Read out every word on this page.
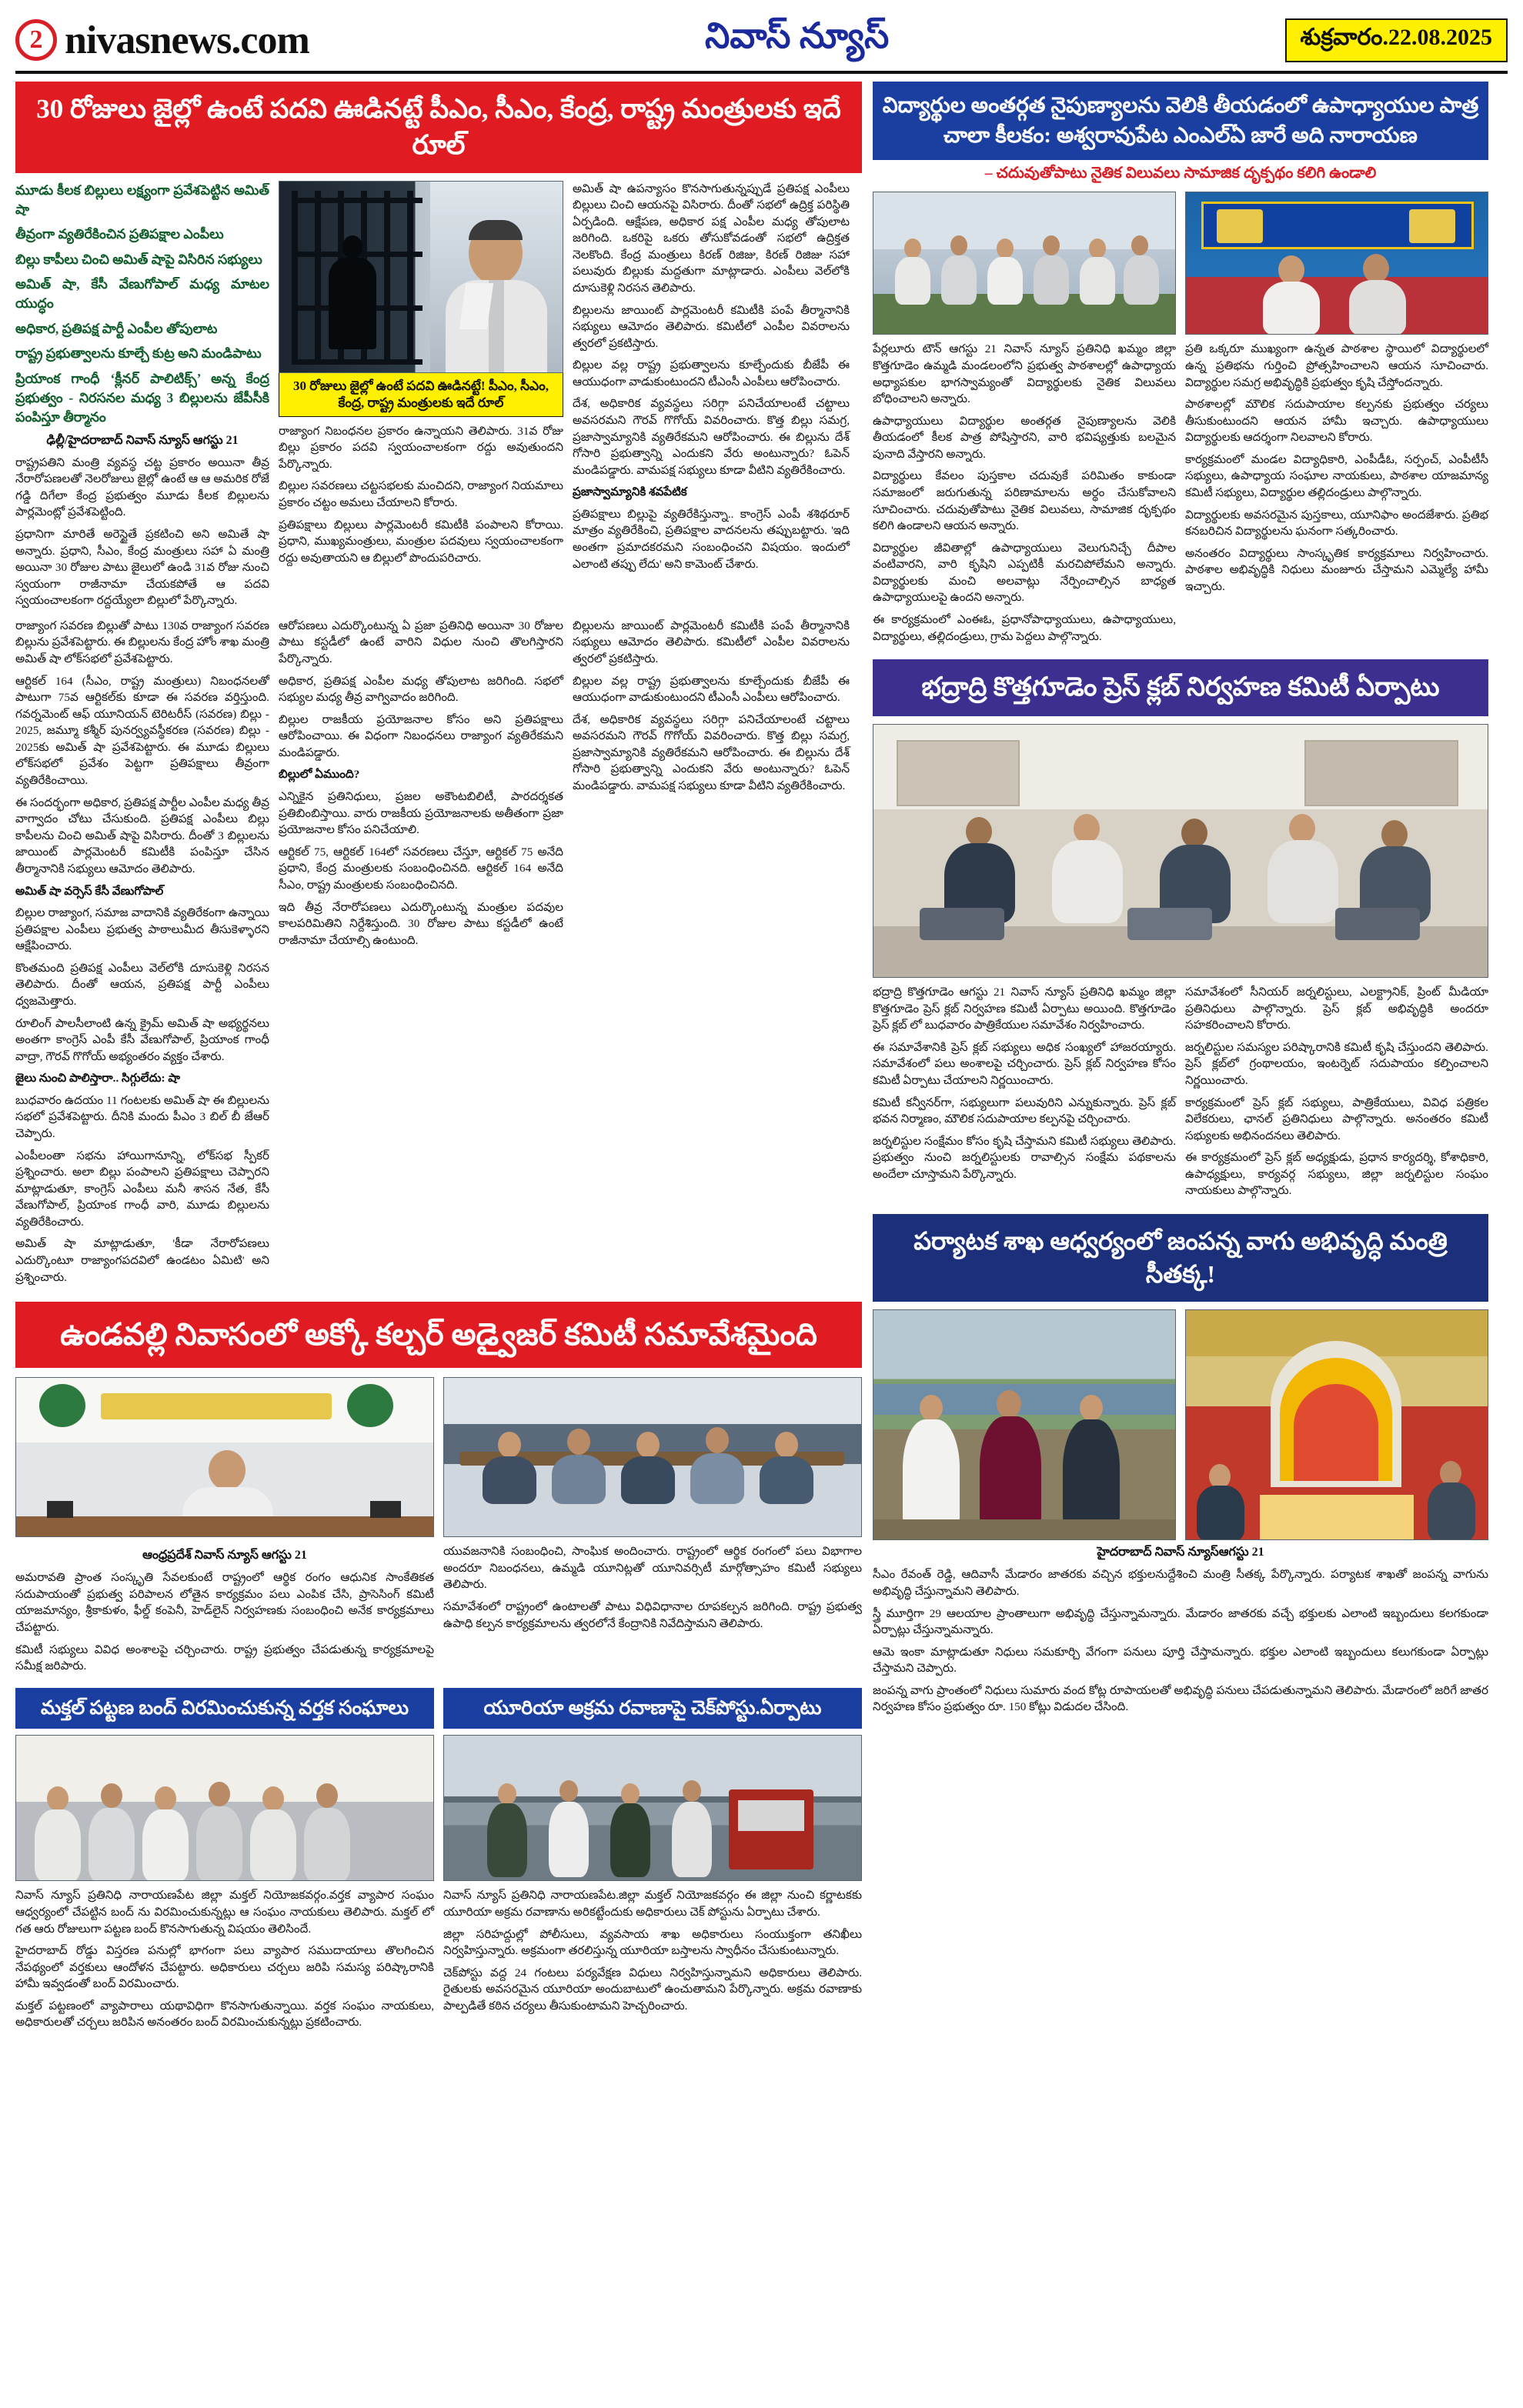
2 nivasnews.com	నివాస్ న్యూస్	శుక్రవారం.22.08.2025
30 రోజులు జైల్లో ఉంటే పదవి ఊడినట్టే పీఎం, సీఎం, కేంద్ర, రాష్ట్ర మంత్రులకు ఇదే రూల్

మూడు కీలక బిల్లులు లక్ష్యంగా ప్రవేశపెట్టిన అమిత్ షా

తీవ్రంగా వ్యతిరేకించిన ప్రతిపక్షాల ఎంపీలు

బిల్లు కాపీలు చించి అమిత్ షాపై విసిరిన సభ్యులు

అమిత్ షా, కేసీ వేణుగోపాల్ మధ్య మాటల యుద్ధం

అధికార, ప్రతిపక్ష పార్టీ ఎంపీల తోపులాట

రాష్ట్ర ప్రభుత్వాలను కూల్చే కుట్ర అని మండిపాటు

ప్రియాంక గాంధీ ‘క్లీనర్ పాలిటిక్స్’ అన్న కేంద్ర ప్రభుత్వం - నిరసనల మధ్య 3 బిల్లులను జేపీసీకి పంపిస్తూ తీర్మానం

ఢిల్లీ/హైదరాబాద్ నివాస్ న్యూస్ ఆగస్టు 21

రాష్ట్రపతిని మంత్రి వ్యవస్థ చట్ట ప్రకారం అయినా తీవ్ర నేరారోపణలతో నెలరోజులు జైల్లో ఉంటే ఆ ఆ అమరిక రోజే గడ్డి దిగేలా కేంద్ర ప్రభుత్వం మూడు కీలక బిల్లులను పార్లమెంట్లో ప్రవేశపెట్టింది.

ప్రధానిగా మారితే అరెస్టైతే ప్రకటించి అని అమితే షా అన్నారు. ప్రధాని, సీఎం, కేంద్ర మంత్రులు సహా ఏ మంత్రి అయినా 30 రోజుల పాటు జైలులో ఉండి 31వ రోజు నుంచి స్వయంగా రాజీనామా చేయకపోతే ఆ పదవి స్వయంచాలకంగా రద్దయ్యేలా బిల్లులో పేర్కొన్నారు.

30 రోజులు జైల్లో ఉంటే పదవి ఊడినట్టే! పీఎం, సీఎం, కేంద్ర, రాష్ట్ర మంత్రులకు ఇదే రూల్

రాజ్యాంగ నిబంధనల ప్రకారం ఉన్నాయని తెలిపారు. 31వ రోజు బిల్లు ప్రకారం పదవి స్వయంచాలకంగా రద్దు అవుతుందని పేర్కొన్నారు.

బిల్లుల సవరణలు చట్టసభలకు మంచిదని, రాజ్యాంగ నియమాలు ప్రకారం చట్టం అమలు చేయాలని కోరారు.

ప్రతిపక్షాలు బిల్లులు పార్లమెంటరీ కమిటీకి పంపాలని కోరాయి. ప్రధాని, ముఖ్యమంత్రులు, మంత్రుల పదవులు స్వయంచాలకంగా రద్దు అవుతాయని ఆ బిల్లులో పొందుపరిచారు.

అమిత్ షా ఉపన్యాసం కొనసాగుతున్నప్పుడే ప్రతిపక్ష ఎంపీలు బిల్లులు చించి ఆయనపై విసిరారు. దీంతో సభలో ఉద్రిక్త పరిస్థితి ఏర్పడింది. ఆక్షేపణ, అధికార పక్ష ఎంపీల మధ్య తోపులాట జరిగింది. ఒకరిపై ఒకరు తోసుకోవడంతో సభలో ఉద్రిక్తత నెలకొంది. కేంద్ర మంత్రులు కిరణ్ రిజిజు, కిరణ్ రిజిజు సహా పలువురు బిల్లుకు మద్దతుగా మాట్లాడారు. ఎంపీలు వెల్‌లోకి దూసుకెళ్లి నిరసన తెలిపారు.

బిల్లులను జాయింట్ పార్లమెంటరీ కమిటీకి పంపే తీర్మానానికి సభ్యులు ఆమోదం తెలిపారు. కమిటీలో ఎంపీల వివరాలను త్వరలో ప్రకటిస్తారు.

బిల్లుల వల్ల రాష్ట్ర ప్రభుత్వాలను కూల్చేందుకు బీజేపీ ఈ ఆయుధంగా వాడుకుంటుందని టీఎంసీ ఎంపీలు ఆరోపించారు.

దేశ, అధికారిక వ్యవస్థలు సరిగ్గా పనిచేయాలంటే చట్టాలు అవసరమని గౌరవ్ గొగోయ్ వివరించారు. కొత్త బిల్లు సమగ్ర, ప్రజాస్వామ్యానికి వ్యతిరేకమని ఆరోపించారు. ఈ బిల్లును దేశ్ గోసారి ప్రభుత్వాన్ని ఎందుకని వేరు అంటున్నారు? ఓపెన్ మండిపడ్డారు. వామపక్ష సభ్యులు కూడా వీటిని వ్యతిరేకించారు.

ప్రజాస్వామ్యానికి శవపేటిక

ప్రతిపక్షాలు బిల్లుపై వ్యతిరేకిస్తున్నా.. కాంగ్రెస్ ఎంపీ శశిథరూర్ మాత్రం వ్యతిరేకించి, ప్రతిపక్షాల వాదనలను తప్పుబట్టారు. 'ఇది అంతగా ప్రమాదకరమని సంబంధించని విషయం. ఇందులో ఎలాంటి తప్పు లేదు' అని కామెంట్ చేశారు.

రాజ్యాంగ సవరణ బిల్లుతో పాటు 130వ రాజ్యాంగ సవరణ బిల్లును ప్రవేశపెట్టారు. ఈ బిల్లులను కేంద్ర హోం శాఖ మంత్రి అమిత్ షా లోక్‌సభలో ప్రవేశపెట్టారు.

ఆర్టికల్ 164 (సీఎం, రాష్ట్ర మంత్రులు) నిబంధనలతో పాటుగా 75వ ఆర్టికల్‌కు కూడా ఈ సవరణ వర్తిస్తుంది. గవర్నమెంట్ ఆఫ్ యూనియన్ టెరిటరీస్ (సవరణ) బిల్లు - 2025, జమ్మూ కశ్మీర్ పునర్వ్యవస్థీకరణ (సవరణ) బిల్లు - 2025కు అమిత్ షా ప్రవేశపెట్టారు. ఈ మూడు బిల్లులు లోక్‌సభలో ప్రవేశం పెట్టగా ప్రతిపక్షాలు తీవ్రంగా వ్యతిరేకించాయి.

ఈ సందర్భంగా అధికార, ప్రతిపక్ష పార్టీల ఎంపీల మధ్య తీవ్ర వాగ్వాదం చోటు చేసుకుంది. ప్రతిపక్ష ఎంపీలు బిల్లు కాపీలను చించి అమిత్ షాపై విసిరారు. దీంతో 3 బిల్లులను జాయింట్ పార్లమెంటరీ కమిటీకి పంపిస్తూ చేసిన తీర్మానానికి సభ్యులు ఆమోదం తెలిపారు.

అమిత్ షా వర్సెస్ కేసీ వేణుగోపాల్

బిల్లుల రాజ్యాంగ, సమాజ వాదానికి వ్యతిరేకంగా ఉన్నాయి ప్రతిపక్షాల ఎంపీలు ప్రభుత్వ పాఠాలుమీద తీసుకెళ్ళారని ఆక్షేపించారు.

కొంతమంది ప్రతిపక్ష ఎంపీలు వెల్‌లోకి దూసుకెళ్లి నిరసన తెలిపారు. దీంతో ఆయన, ప్రతిపక్ష పార్టీ ఎంపీలు ధ్వజమెత్తారు.

రూలింగ్ పాలసీలాంటి ఉన్న క్రైమ్ అమిత్ షా అభ్యర్థనలు అంతగా కాంగ్రెస్ ఎంపీ కేసీ వేణుగోపాల్, ప్రియాంక గాంధీ వాద్రా, గౌరవ్ గొగోయ్ అభ్యంతరం వ్యక్తం చేశారు.

జైలు నుంచి పాలిస్తారా.. సిగ్గులేదు: షా

బుధవారం ఉదయం 11 గంటలకు అమిత్ షా ఈ బిల్లులను సభలో ప్రవేశపెట్టారు. దీనికి మందు పీఎం 3 బిల్ బీ జేఆర్ చెప్పారు.

ఎంపీలంతా సభను హాయిగానూన్ని, లోక్‌సభ స్పీకర్ ప్రశ్నించారు. అలా బిల్లు పంపాలని ప్రతిపక్షాలు చెప్పారని మాట్లాడుతూ, కాంగ్రెస్ ఎంపీలు మనీ శాసన నేత, కేసీ వేణుగోపాల్, ప్రియాంక గాంధీ వారి, మూడు బిల్లులను వ్యతిరేకించారు.

అమిత్ షా మాట్లాడుతూ, 'కీడా నేరారోపణలు ఎదుర్కొంటూ రాజ్యాంగపదవిలో ఉండటం ఏమిటి' అని ప్రశ్నించారు.

ఆరోపణలు ఎదుర్కొంటున్న ఏ ప్రజా ప్రతినిధి అయినా 30 రోజుల పాటు కస్టడీలో ఉంటే వారిని విధుల నుంచి తొలగిస్తారని పేర్కొన్నారు.

అధికార, ప్రతిపక్ష ఎంపీల మధ్య తోపులాట జరిగింది. సభలో సభ్యుల మధ్య తీవ్ర వాగ్వివాదం జరిగింది.

బిల్లుల రాజకీయ ప్రయోజనాల కోసం అని ప్రతిపక్షాలు ఆరోపించాయి. ఈ విధంగా నిబంధనలు రాజ్యాంగ వ్యతిరేకమని మండిపడ్డారు.

బిల్లులో ఏముంది?

ఎన్నికైన ప్రతినిధులు, ప్రజల అకౌంటబిలిటీ, పారదర్శకత ప్రతిబింబిస్తాయి. వారు రాజకీయ ప్రయోజనాలకు అతీతంగా ప్రజా ప్రయోజనాల కోసం పనిచేయాలి.

ఆర్టికల్ 75, ఆర్టికల్ 164లో సవరణలు చేస్తూ, ఆర్టికల్ 75 అనేది ప్రధాని, కేంద్ర మంత్రులకు సంబంధించినది. ఆర్టికల్ 164 అనేది సీఎం, రాష్ట్ర మంత్రులకు సంబంధించినది.

ఇది తీవ్ర నేరారోపణలు ఎదుర్కొంటున్న మంత్రుల పదవుల కాలపరిమితిని నిర్దేశిస్తుంది. 30 రోజుల పాటు కస్టడీలో ఉంటే రాజీనామా చేయాల్సి ఉంటుంది.

బిల్లులను జాయింట్ పార్లమెంటరీ కమిటీకి పంపే తీర్మానానికి సభ్యులు ఆమోదం తెలిపారు. కమిటీలో ఎంపీల వివరాలను త్వరలో ప్రకటిస్తారు.

బిల్లుల వల్ల రాష్ట్ర ప్రభుత్వాలను కూల్చేందుకు బీజేపీ ఈ ఆయుధంగా వాడుకుంటుందని టీఎంసీ ఎంపీలు ఆరోపించారు.

దేశ, అధికారిక వ్యవస్థలు సరిగ్గా పనిచేయాలంటే చట్టాలు అవసరమని గౌరవ్ గొగోయ్ వివరించారు. కొత్త బిల్లు సమగ్ర, ప్రజాస్వామ్యానికి వ్యతిరేకమని ఆరోపించారు. ఈ బిల్లును దేశ్ గోసారి ప్రభుత్వాన్ని ఎందుకని వేరు అంటున్నారు? ఓపెన్ మండిపడ్డారు. వామపక్ష సభ్యులు కూడా వీటిని వ్యతిరేకించారు.

ఉండవల్లి నివాసంలో అక్కో కల్చర్ అడ్వైజర్ కమిటీ సమావేశమైంది
ఆంధ్రప్రదేశ్ నివాస్ న్యూస్ ఆగస్టు 21

అమరావతి ప్రాంత సంస్కృతి సేవలకుంటే రాష్ట్రంలో ఆర్థిక రంగం ఆధునిక సాంకేతికత సదుపాయంతో ప్రభుత్వ పరిపాలన లోతైన కార్యక్రమం పలు ఎంపిక చేసి, ప్రాసెసింగ్ కమిటీ యాజమాన్యం, శ్రీకాకుళం, ఫీల్డ్ కంపెనీ, హెడ్‌లైన్ నిర్వహణకు సంబంధించి అనేక కార్యక్రమాలు చేపట్టారు.

కమిటీ సభ్యులు వివిధ అంశాలపై చర్చించారు. రాష్ట్ర ప్రభుత్వం చేపడుతున్న కార్యక్రమాలపై సమీక్ష జరిపారు.

యువజనానికి సంబంధించి, సాంఘిక అందించారు. రాష్ట్రంలో ఆర్థిక రంగంలో పలు విభాగాల అందరూ నిబంధనలు, ఉమ్మడి యూనిట్లతో యూనివర్సిటీ మార్గోత్సాహం కమిటీ సభ్యులు తెలిపారు.

సమావేశంలో రాష్ట్రంలో ఉంటాలతో పాటు విధివిధానాల రూపకల్పన జరిగింది. రాష్ట్ర ప్రభుత్వ ఉపాధి కల్పన కార్యక్రమాలను త్వరలోనే కేంద్రానికి నివేదిస్తామని తెలిపారు.

మక్తల్ పట్టణ బంద్ విరమించుకున్న వర్తక సంఘాలు

నివాస్ న్యూస్ ప్రతినిధి నారాయణపేట జిల్లా మక్తల్ నియోజకవర్గం.వర్తక వ్యాపార సంఘం ఆధ్వర్యంలో చేపట్టిన బంద్ ను విరమించుకున్నట్లు ఆ సంఘం నాయకులు తెలిపారు. మక్తల్ లో గత ఆరు రోజులుగా పట్టణ బంద్ కొనసాగుతున్న విషయం తెలిసిందే.

హైదరాబాద్ రోడ్డు విస్తరణ పనుల్లో భాగంగా పలు వ్యాపార సముదాయాలు తొలగించిన నేపథ్యంలో వర్తకులు ఆందోళన చేపట్టారు. అధికారులు చర్చలు జరిపి సమస్య పరిష్కారానికి హామీ ఇవ్వడంతో బంద్ విరమించారు.

మక్తల్ పట్టణంలో వ్యాపారాలు యథావిధిగా కొనసాగుతున్నాయి. వర్తక సంఘం నాయకులు, అధికారులతో చర్చలు జరిపిన అనంతరం బంద్ విరమించుకున్నట్లు ప్రకటించారు.

యూరియా అక్రమ రవాణాపై చెక్‌పోస్టు.ఏర్పాటు

నివాస్ న్యూస్ ప్రతినిధి నారాయణపేట.జిల్లా మక్తల్ నియోజకవర్గం ఈ జిల్లా నుంచి కర్ణాటకకు యూరియా అక్రమ రవాణాను అరికట్టేందుకు అధికారులు చెక్ పోస్టును ఏర్పాటు చేశారు.

జిల్లా సరిహద్దుల్లో పోలీసులు, వ్యవసాయ శాఖ అధికారులు సంయుక్తంగా తనిఖీలు నిర్వహిస్తున్నారు. అక్రమంగా తరలిస్తున్న యూరియా బస్తాలను స్వాధీనం చేసుకుంటున్నారు.

చెక్‌పోస్టు వద్ద 24 గంటలు పర్యవేక్షణ విధులు నిర్వహిస్తున్నామని అధికారులు తెలిపారు. రైతులకు అవసరమైన యూరియా అందుబాటులో ఉంచుతామని పేర్కొన్నారు. అక్రమ రవాణాకు పాల్పడితే కఠిన చర్యలు తీసుకుంటామని హెచ్చరించారు.

విద్యార్థుల అంతర్గత నైపుణ్యాలను వెలికి తీయడంలో ఉపాధ్యాయుల పాత్ర చాలా కీలకం: అశ్వరావుపేట ఎంఎల్‌ఏ జారే అది నారాయణ
– చదువుతోపాటు నైతిక విలువలు సామాజిక దృక్పథం కలిగి ఉండాలి

పేర్లలూరు టౌన్ ఆగస్టు 21 నివాస్ న్యూస్ ప్రతినిధి ఖమ్మం జిల్లా కొత్తగూడెం ఉమ్మడి మండలంలోని ప్రభుత్వ పాఠశాలల్లో ఉపాధ్యాయ అధ్యాపకుల భాగస్వామ్యంతో విద్యార్థులకు నైతిక విలువలు బోధించాలని అన్నారు.

ఉపాధ్యాయులు విద్యార్థుల అంతర్గత నైపుణ్యాలను వెలికి తీయడంలో కీలక పాత్ర పోషిస్తారని, వారి భవిష్యత్తుకు బలమైన పునాది వేస్తారని అన్నారు.

విద్యార్థులు కేవలం పుస్తకాల చదువుకే పరిమితం కాకుండా సమాజంలో జరుగుతున్న పరిణామాలను అర్థం చేసుకోవాలని సూచించారు. చదువుతోపాటు నైతిక విలువలు, సామాజిక దృక్పథం కలిగి ఉండాలని ఆయన అన్నారు.

విద్యార్థుల జీవితాల్లో ఉపాధ్యాయులు వెలుగునిచ్చే దీపాల వంటివారని, వారి కృషిని ఎప్పటికీ మరచిపోలేమని అన్నారు. విద్యార్థులకు మంచి అలవాట్లు నేర్పించాల్సిన బాధ్యత ఉపాధ్యాయులపై ఉందని అన్నారు.

ఈ కార్యక్రమంలో ఎంఈఓ, ప్రధానోపాధ్యాయులు, ఉపాధ్యాయులు, విద్యార్థులు, తల్లిదండ్రులు, గ్రామ పెద్దలు పాల్గొన్నారు.

ప్రతి ఒక్కరూ ముఖ్యంగా ఉన్నత పాఠశాల స్థాయిలో విద్యార్థులలో ఉన్న ప్రతిభను గుర్తించి ప్రోత్సహించాలని ఆయన సూచించారు. విద్యార్థుల సమగ్ర అభివృద్ధికి ప్రభుత్వం కృషి చేస్తోందన్నారు.

పాఠశాలల్లో మౌలిక సదుపాయాల కల్పనకు ప్రభుత్వం చర్యలు తీసుకుంటుందని ఆయన హామీ ఇచ్చారు. ఉపాధ్యాయులు విద్యార్థులకు ఆదర్శంగా నిలవాలని కోరారు.

కార్యక్రమంలో మండల విద్యాధికారి, ఎంపీడీఓ, సర్పంచ్, ఎంపీటీసీ సభ్యులు, ఉపాధ్యాయ సంఘాల నాయకులు, పాఠశాల యాజమాన్య కమిటీ సభ్యులు, విద్యార్థుల తల్లిదండ్రులు పాల్గొన్నారు.

విద్యార్థులకు అవసరమైన పుస్తకాలు, యూనిఫాం అందజేశారు. ప్రతిభ కనబరిచిన విద్యార్థులను ఘనంగా సత్కరించారు.

అనంతరం విద్యార్థులు సాంస్కృతిక కార్యక్రమాలు నిర్వహించారు. పాఠశాల అభివృద్ధికి నిధులు మంజూరు చేస్తామని ఎమ్మెల్యే హామీ ఇచ్చారు.

భద్రాద్రి కొత్తగూడెం ప్రెస్ క్లబ్ నిర్వహణ కమిటీ ఏర్పాటు

భద్రాద్రి కొత్తగూడెం ఆగస్టు 21 నివాస్ న్యూస్ ప్రతినిధి ఖమ్మం జిల్లా కొత్తగూడెం ప్రెస్ క్లబ్ నిర్వహణ కమిటీ ఏర్పాటు అయింది. కొత్తగూడెం ప్రెస్ క్లబ్ లో బుధవారం పాత్రికేయుల సమావేశం నిర్వహించారు.

ఈ సమావేశానికి ప్రెస్ క్లబ్ సభ్యులు అధిక సంఖ్యలో హాజరయ్యారు. సమావేశంలో పలు అంశాలపై చర్చించారు. ప్రెస్ క్లబ్ నిర్వహణ కోసం కమిటీ ఏర్పాటు చేయాలని నిర్ణయించారు.

కమిటీ కన్వీనర్‌గా, సభ్యులుగా పలువురిని ఎన్నుకున్నారు. ప్రెస్ క్లబ్ భవన నిర్మాణం, మౌలిక సదుపాయాల కల్పనపై చర్చించారు.

జర్నలిస్టుల సంక్షేమం కోసం కృషి చేస్తామని కమిటీ సభ్యులు తెలిపారు. ప్రభుత్వం నుంచి జర్నలిస్టులకు రావాల్సిన సంక్షేమ పథకాలను అందేలా చూస్తామని పేర్కొన్నారు.

సమావేశంలో సీనియర్ జర్నలిస్టులు, ఎలక్ట్రానిక్, ప్రింట్ మీడియా ప్రతినిధులు పాల్గొన్నారు. ప్రెస్ క్లబ్ అభివృద్ధికి అందరూ సహకరించాలని కోరారు.

జర్నలిస్టుల సమస్యల పరిష్కారానికి కమిటీ కృషి చేస్తుందని తెలిపారు. ప్రెస్ క్లబ్‌లో గ్రంథాలయం, ఇంటర్నెట్ సదుపాయం కల్పించాలని నిర్ణయించారు.

కార్యక్రమంలో ప్రెస్ క్లబ్ సభ్యులు, పాత్రికేయులు, వివిధ పత్రికల విలేకరులు, ఛానల్ ప్రతినిధులు పాల్గొన్నారు. అనంతరం కమిటీ సభ్యులకు అభినందనలు తెలిపారు.

ఈ కార్యక్రమంలో ప్రెస్ క్లబ్ అధ్యక్షుడు, ప్రధాన కార్యదర్శి, కోశాధికారి, ఉపాధ్యక్షులు, కార్యవర్గ సభ్యులు, జిల్లా జర్నలిస్టుల సంఘం నాయకులు పాల్గొన్నారు.

పర్యాటక శాఖ ఆధ్వర్యంలో జంపన్న వాగు అభివృద్ధి మంత్రి సీతక్క!
హైదరాబాద్ నివాస్ న్యూస్‌ఆగస్టు 21

సీఎం రేవంత్ రెడ్డి, ఆదివాసీ మేడారం జాతరకు వచ్చిన భక్తులనుద్దేశించి మంత్రి సీతక్క పేర్కొన్నారు. పర్యాటక శాఖతో జంపన్న వాగును అభివృద్ధి చేస్తున్నామని తెలిపారు.

స్త్రీ మూర్తిగా 29 ఆలయాల ప్రాంతాలుగా అభివృద్ధి చేస్తున్నామన్నారు. మేడారం జాతరకు వచ్చే భక్తులకు ఎలాంటి ఇబ్బందులు కలగకుండా ఏర్పాట్లు చేస్తున్నామన్నారు.

ఆమె ఇంకా మాట్లాడుతూ నిధులు సమకూర్చి వేగంగా పనులు పూర్తి చేస్తామన్నారు. భక్తుల ఎలాంటి ఇబ్బందులు కలుగకుండా ఏర్పాట్లు చేస్తామని చెప్పారు.

జంపన్న వాగు ప్రాంతంలో నిధులు సుమారు వంద కోట్ల రూపాయలతో అభివృద్ధి పనులు చేపడుతున్నామని తెలిపారు. మేడారంలో జరిగే జాతర నిర్వహణ కోసం ప్రభుత్వం రూ. 150 కోట్లు విడుదల చేసింది.
